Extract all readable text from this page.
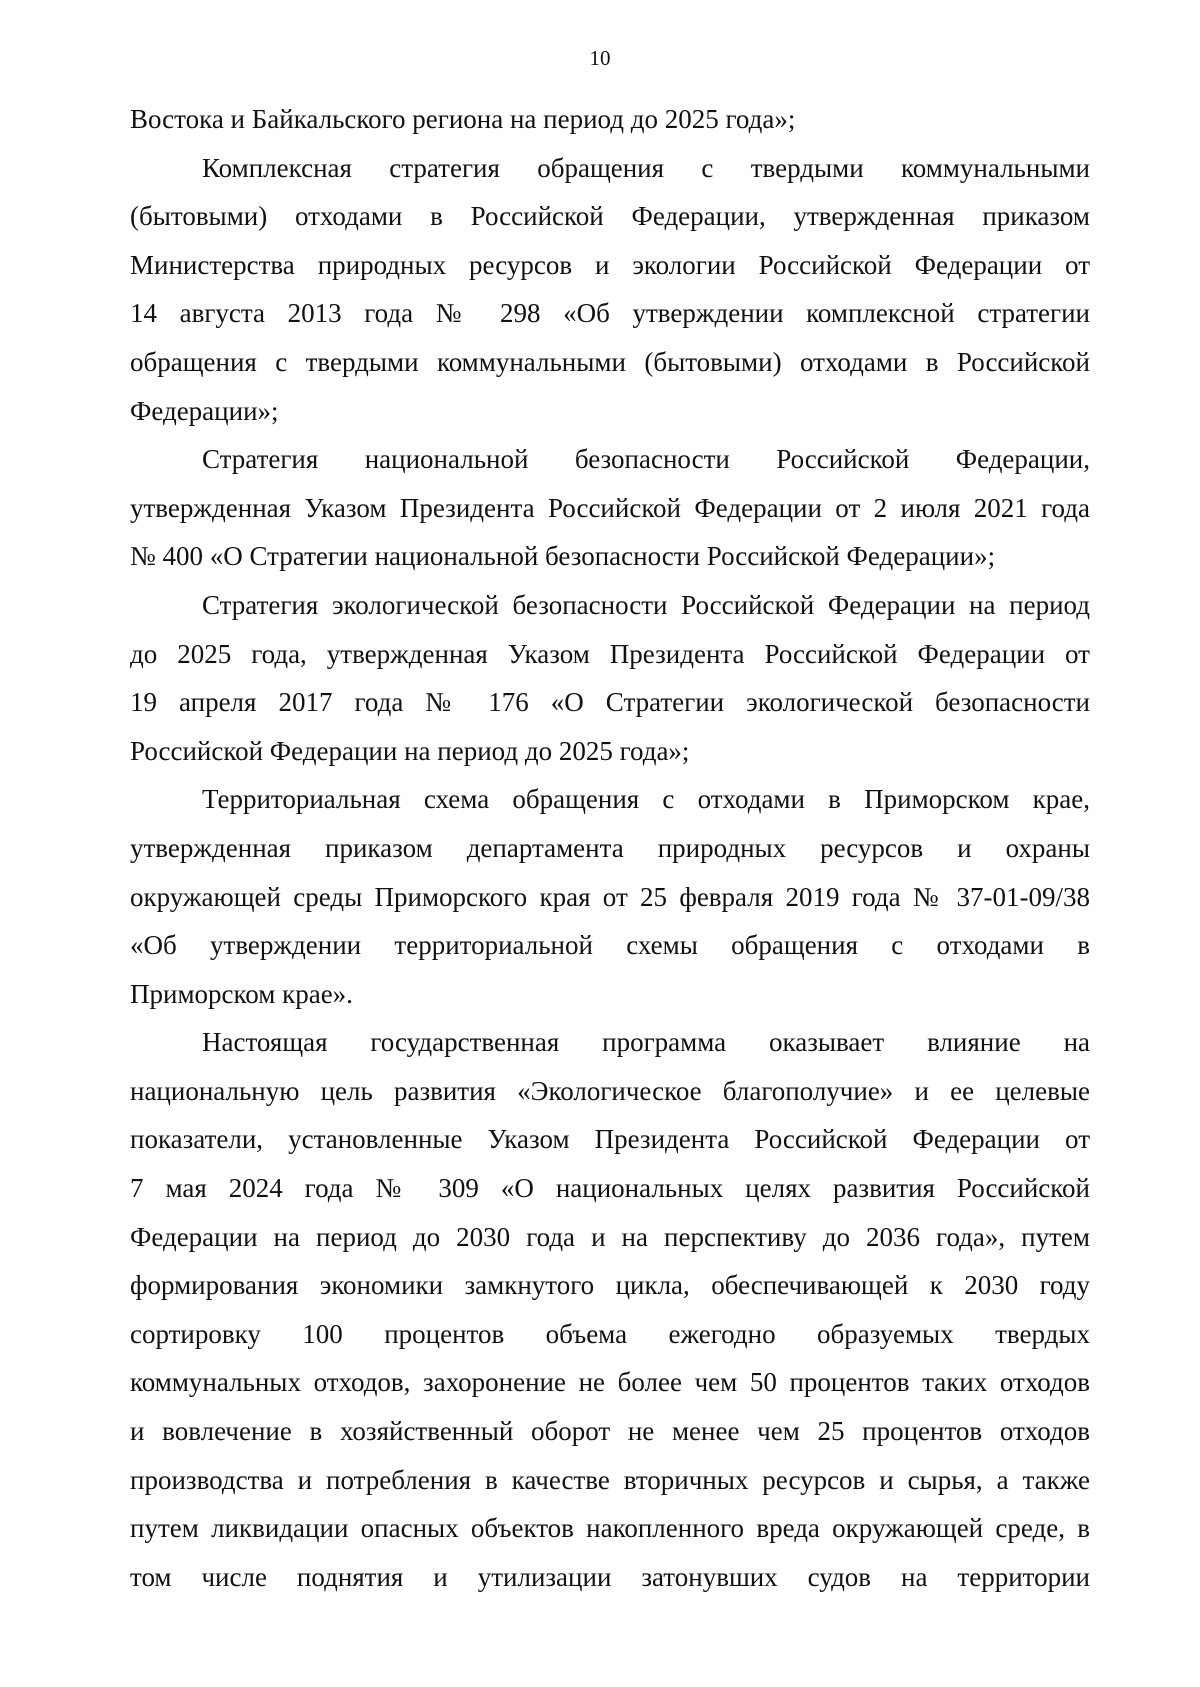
10
Востока и Байкальского региона на период до 2025 года»;
Комплексная стратегия обращения с твердыми коммунальными
(бытовыми) отходами в Российской Федерации, утвержденная приказом
Министерства природных ресурсов и экологии Российской Федерации от
14 августа 2013 года № 298 «Об утверждении комплексной стратегии
обращения с твердыми коммунальными (бытовыми) отходами в Российской
Федерации»;
Стратегия национальной безопасности Российской Федерации,
утвержденная Указом Президента Российской Федерации от 2 июля 2021 года
№ 400 «О Стратегии национальной безопасности Российской Федерации»;
Стратегия экологической безопасности Российской Федерации на период
до 2025 года, утвержденная Указом Президента Российской Федерации от
19 апреля 2017 года № 176 «О Стратегии экологической безопасности
Российской Федерации на период до 2025 года»;
Территориальная схема обращения с отходами в Приморском крае,
утвержденная приказом департамента природных ресурсов и охраны
окружающей среды Приморского края от 25 февраля 2019 года № 37-01-09/38
«Об утверждении территориальной схемы обращения с отходами в
Приморском крае».
Настоящая государственная программа оказывает влияние на
национальную цель развития «Экологическое благополучие» и ее целевые
показатели, установленные Указом Президента Российской Федерации от
7 мая 2024 года № 309 «О национальных целях развития Российской
Федерации на период до 2030 года и на перспективу до 2036 года», путем
формирования экономики замкнутого цикла, обеспечивающей к 2030 году
сортировку 100 процентов объема ежегодно образуемых твердых
коммунальных отходов, захоронение не более чем 50 процентов таких отходов
и вовлечение в хозяйственный оборот не менее чем 25 процентов отходов
производства и потребления в качестве вторичных ресурсов и сырья, а также
путем ликвидации опасных объектов накопленного вреда окружающей среде, в
том числе поднятия и утилизации затонувших судов на территории
